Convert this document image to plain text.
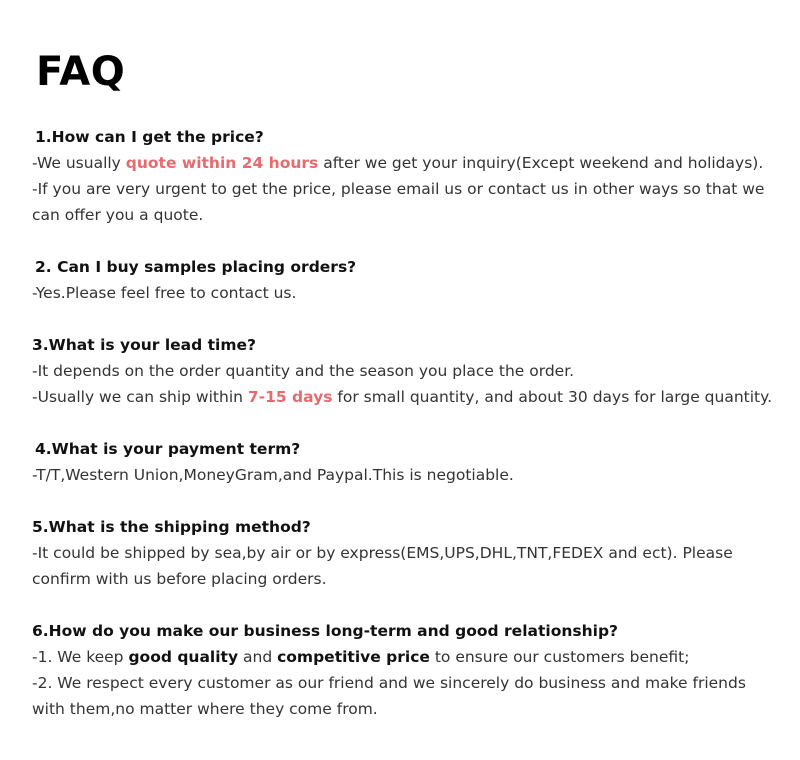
FAQ
1.How can I get the price?
-We usually quote within 24 hours after we get your inquiry(Except weekend and holidays).
-If you are very urgent to get the price, please email us or contact us in other ways so that we can offer you a quote.
2. Can I buy samples placing orders?
-Yes.Please feel free to contact us.
3.What is your lead time?
-It depends on the order quantity and the season you place the order.
-Usually we can ship within 7-15 days for small quantity, and about 30 days for large quantity.
4.What is your payment term?
-T/T,Western Union,MoneyGram,and Paypal.This is negotiable.
5.What is the shipping method?
-It could be shipped by sea,by air or by express(EMS,UPS,DHL,TNT,FEDEX and ect). Please confirm with us before placing orders.
6.How do you make our business long-term and good relationship?
-1. We keep good quality and competitive price to ensure our customers benefit;
-2. We respect every customer as our friend and we sincerely do business and make friends with them,no matter where they come from.
